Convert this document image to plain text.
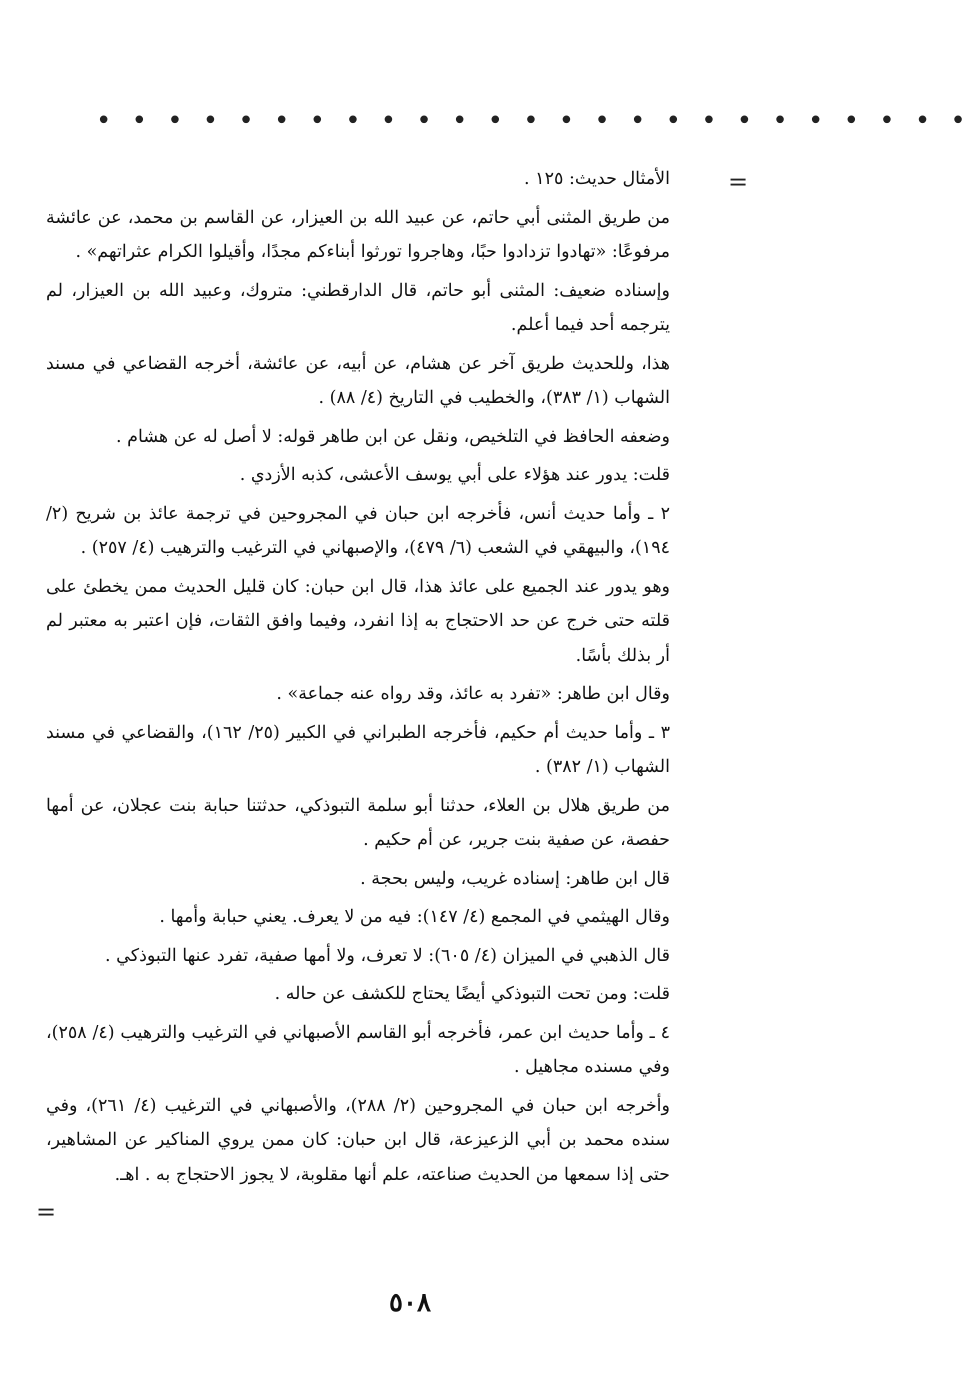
• • • • • • • • • • • • • • • • • • • • • • • • •
=

الأمثال حديث: ١٢٥ .

من طريق المثنى أبي حاتم، عن عبيد الله بن العيزار، عن القاسم بن محمد، عن عائشة مرفوعًا: «تهادوا تزدادوا حبًا، وهاجروا تورثوا أبناءكم مجدًا، وأقيلوا الكرام عثراتهم» .

وإسناده ضعيف: المثنى أبو حاتم، قال الدارقطني: متروك، وعبيد الله بن العيزار، لم يترجمه أحد فيما أعلم.

هذا، وللحديث طريق آخر عن هشام، عن أبيه، عن عائشة، أخرجه القضاعي في مسند الشهاب (١/ ٣٨٣)، والخطيب في التاريخ (٤/ ٨٨) .

وضعفه الحافظ في التلخيص، ونقل عن ابن طاهر قوله: لا أصل له عن هشام .

قلت: يدور عند هؤلاء على أبي يوسف الأعشى، كذبه الأزدي .

٢ ـ وأما حديث أنس، فأخرجه ابن حبان في المجروحين في ترجمة عائذ بن شريح (٢/ ١٩٤)، والبيهقي في الشعب (٦/ ٤٧٩)، والإصبهاني في الترغيب والترهيب (٤/ ٢٥٧) .

وهو يدور عند الجميع على عائذ هذا، قال ابن حبان: كان قليل الحديث ممن يخطئ على قلته حتى خرج عن حد الاحتجاج به إذا انفرد، وفيما وافق الثقات، فإن اعتبر به معتبر لم أر بذلك بأسًا.

وقال ابن طاهر: «تفرد به عائذ، وقد رواه عنه جماعة» .

٣ ـ وأما حديث أم حكيم، فأخرجه الطبراني في الكبير (٢٥/ ١٦٢)، والقضاعي في مسند الشهاب (١/ ٣٨٢) .

من طريق هلال بن العلاء، حدثنا أبو سلمة التبوذكي، حدثتنا حبابة بنت عجلان، عن أمها حفصة، عن صفية بنت جرير، عن أم حكيم .

قال ابن طاهر: إسناده غريب، وليس بحجة .

وقال الهيثمي في المجمع (٤/ ١٤٧): فيه من لا يعرف. يعني حبابة وأمها .

قال الذهبي في الميزان (٤/ ٦٠٥): لا تعرف، ولا أمها صفية، تفرد عنها التبوذكي .

قلت: ومن تحت التبوذكي أيضًا يحتاج للكشف عن حاله .

٤ ـ وأما حديث ابن عمر، فأخرجه أبو القاسم الأصبهاني في الترغيب والترهيب (٤/ ٢٥٨)، وفي مسنده مجاهيل .

وأخرجه ابن حبان في المجروحين (٢/ ٢٨٨)، والأصبهاني في الترغيب (٤/ ٢٦١)، وفي سنده محمد بن أبي الزعيزعة، قال ابن حبان: كان ممن يروي المناكير عن المشاهير، حتى إذا سمعها من الحديث صناعته، علم أنها مقلوبة، لا يجوز الاحتجاج به . اهـ.

=
٥٠٨
